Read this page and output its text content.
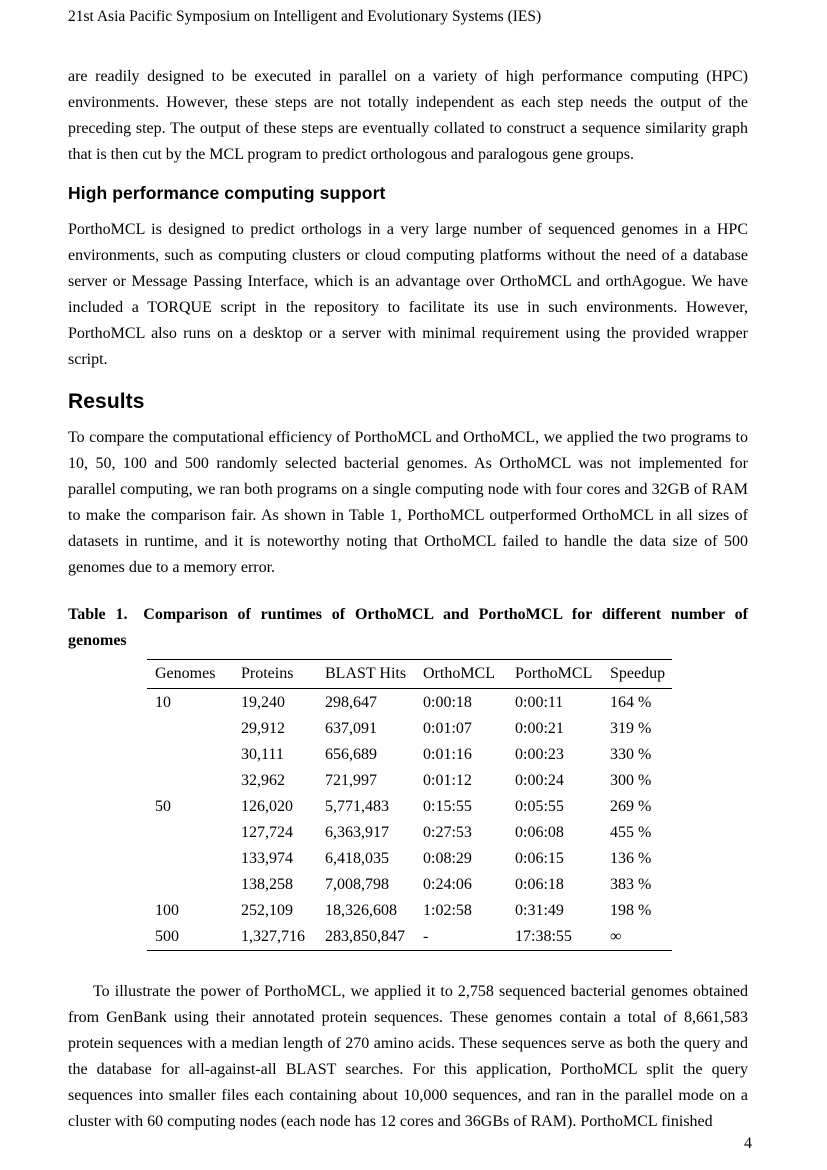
21st Asia Pacific Symposium on Intelligent and Evolutionary Systems (IES)

are readily designed to be executed in parallel on a variety of high performance computing (HPC) environments. However, these steps are not totally independent as each step needs the output of the preceding step. The output of these steps are eventually collated to construct a sequence similarity graph that is then cut by the MCL program to predict orthologous and paralogous gene groups.

High performance computing support

PorthoMCL is designed to predict orthologs in a very large number of sequenced genomes in a HPC environments, such as computing clusters or cloud computing platforms without the need of a database server or Message Passing Interface, which is an advantage over OrthoMCL and orthAgogue. We have included a TORQUE script in the repository to facilitate its use in such environments. However, PorthoMCL also runs on a desktop or a server with minimal requirement using the provided wrapper script.

Results

To compare the computational efficiency of PorthoMCL and OrthoMCL, we applied the two programs to 10, 50, 100 and 500 randomly selected bacterial genomes. As OrthoMCL was not implemented for parallel computing, we ran both programs on a single computing node with four cores and 32GB of RAM to make the comparison fair. As shown in Table 1, PorthoMCL outperformed OrthoMCL in all sizes of datasets in runtime, and it is noteworthy noting that OrthoMCL failed to handle the data size of 500 genomes due to a memory error.

Table 1. Comparison of runtimes of OrthoMCL and PorthoMCL for different number of
genomes
Genomes	Proteins	BLAST Hits	OrthoMCL	PorthoMCL	Speedup
10	19,240	298,647	0:00:18	0:00:11	164 %
	29,912	637,091	0:01:07	0:00:21	319 %
	30,111	656,689	0:01:16	0:00:23	330 %
	32,962	721,997	0:01:12	0:00:24	300 %
50	126,020	5,771,483	0:15:55	0:05:55	269 %
	127,724	6,363,917	0:27:53	0:06:08	455 %
	133,974	6,418,035	0:08:29	0:06:15	136 %
	138,258	7,008,798	0:24:06	0:06:18	383 %
100	252,109	18,326,608	1:02:58	0:31:49	198 %
500	1,327,716	283,850,847	-	17:38:55	∞

To illustrate the power of PorthoMCL, we applied it to 2,758 sequenced bacterial genomes obtained from GenBank using their annotated protein sequences. These genomes contain a total of 8,661,583 protein sequences with a median length of 270 amino acids. These sequences serve as both the query and the database for all-against-all BLAST searches. For this application, PorthoMCL split the query sequences into smaller files each containing about 10,000 sequences, and ran in the parallel mode on a cluster with 60 computing nodes (each node has 12 cores and 36GBs of RAM). PorthoMCL finished

4
